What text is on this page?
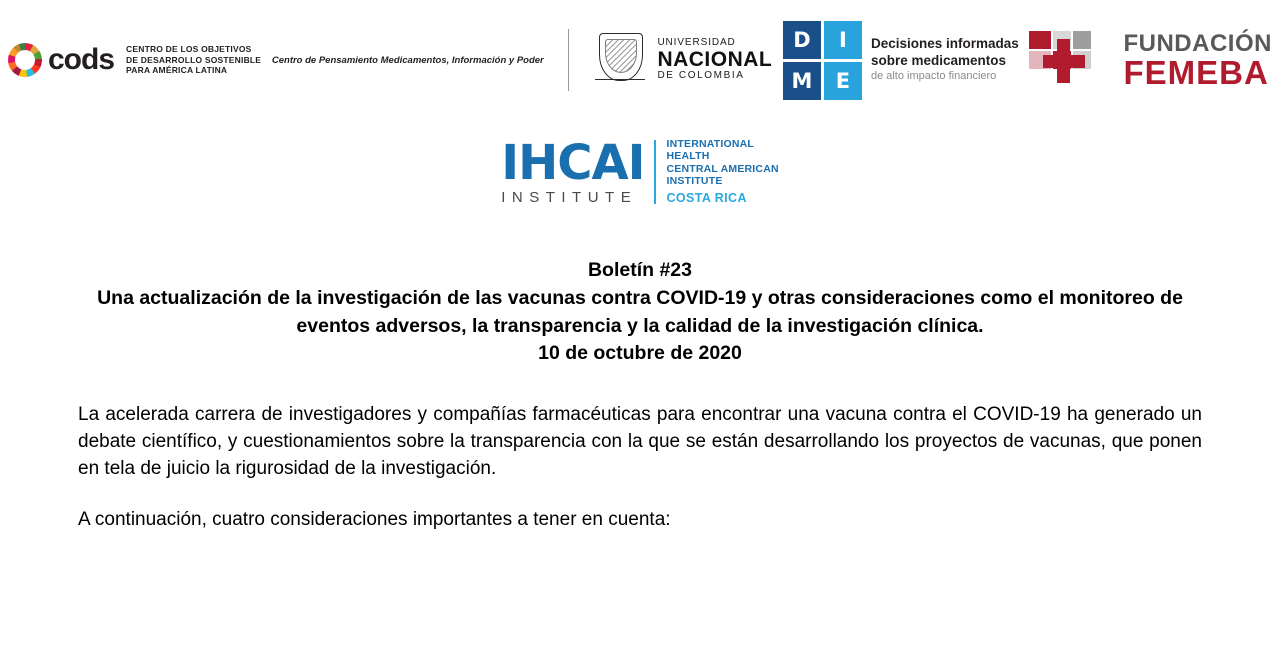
cods CENTRO DE LOS OBJETIVOS
DE DESARROLLO SOSTENIBLE
PARA AMÉRICA LATINA
Centro de Pensamiento Medicamentos, Información y Poder
UNIVERSIDAD
NACIONAL
DE COLOMBIA
D	I
M	E
Decisiones informadas
sobre medicamentos
de alto impacto financiero
FUNDACIÓN
FEMEBA
IHCAI
INSTITUTE
INTERNATIONAL
HEALTH
CENTRAL AMERICAN
INSTITUTE
COSTA RICA
Boletín #23
Una actualización de la investigación de las vacunas contra COVID-19 y otras consideraciones como el monitoreo de eventos adversos, la transparencia y la calidad de la investigación clínica.
10 de octubre de 2020

La acelerada carrera de investigadores y compañías farmacéuticas para encontrar una vacuna contra el COVID-19 ha generado un debate científico, y cuestionamientos sobre la transparencia con la que se están desarrollando los proyectos de vacunas, que ponen en tela de juicio la rigurosidad de la investigación.

A continuación, cuatro consideraciones importantes a tener en cuenta:
